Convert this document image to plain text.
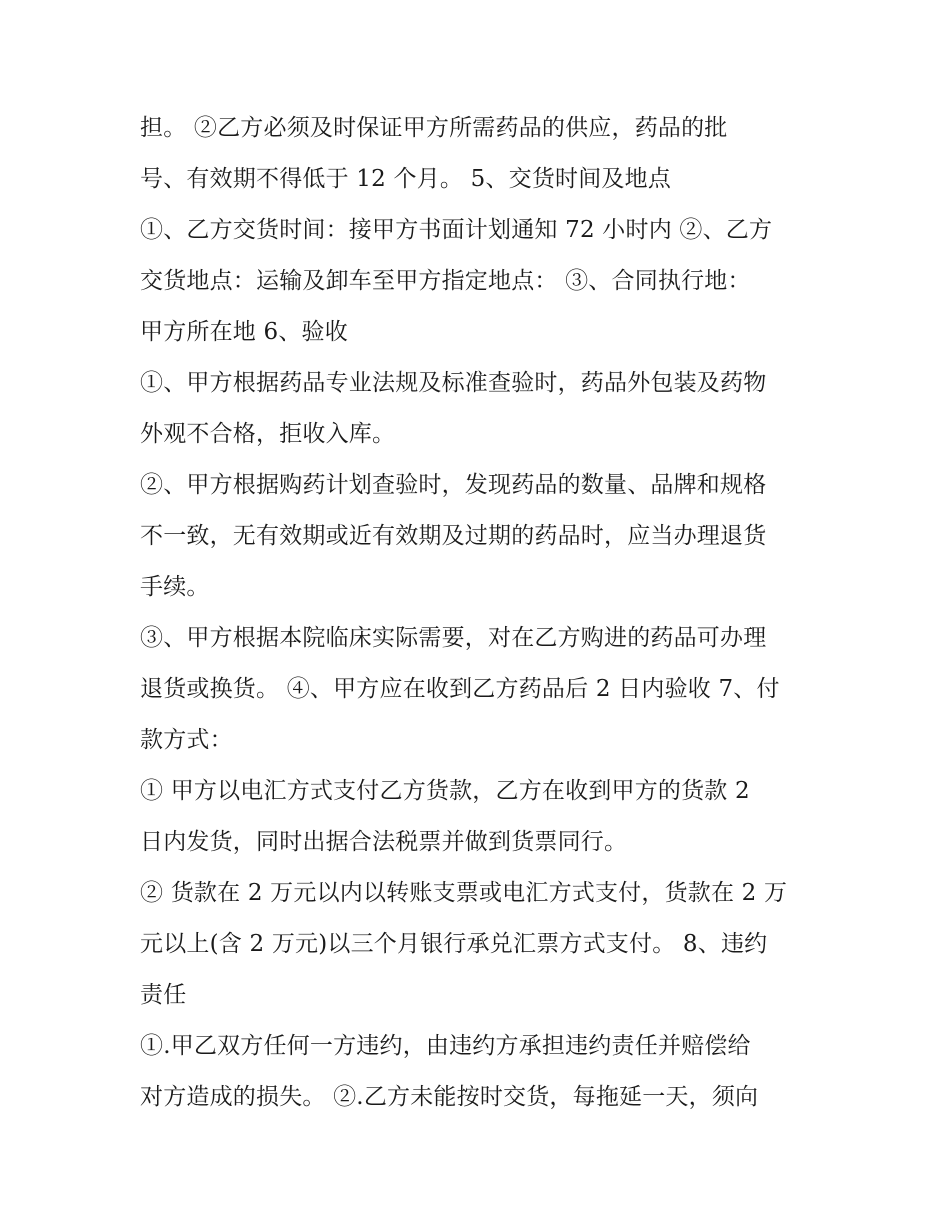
担。 ②乙方必须及时保证甲方所需药品的供应，药品的批
号、有效期不得低于 12 个月。 5、交货时间及地点
①、乙方交货时间：接甲方书面计划通知 72 小时内 ②、乙方
交货地点：运输及卸车至甲方指定地点： ③、合同执行地：
甲方所在地 6、验收
①、甲方根据药品专业法规及标准查验时，药品外包装及药物
外观不合格，拒收入库。
②、甲方根据购药计划查验时，发现药品的数量、品牌和规格
不一致，无有效期或近有效期及过期的药品时，应当办理退货
手续。
③、甲方根据本院临床实际需要，对在乙方购进的药品可办理
退货或换货。 ④、甲方应在收到乙方药品后 2 日内验收 7、付
款方式：
① 甲方以电汇方式支付乙方货款，乙方在收到甲方的货款 2
日内发货，同时出据合法税票并做到货票同行。
② 货款在 2 万元以内以转账支票或电汇方式支付，货款在 2 万
元以上(含 2 万元)以三个月银行承兑汇票方式支付。 8、违约
责任
①.甲乙双方任何一方违约，由违约方承担违约责任并赔偿给
对方造成的损失。 ②.乙方未能按时交货，每拖延一天，须向
